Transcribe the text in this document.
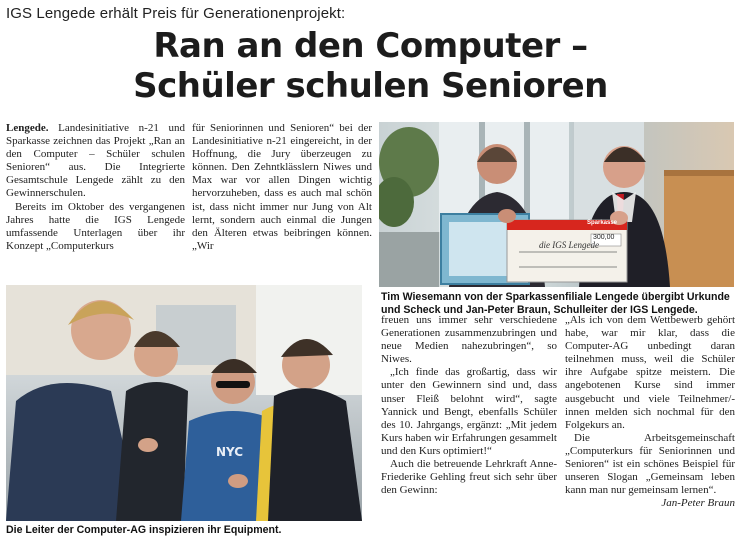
IGS Lengede erhält Preis für Generationenprojekt:
Ran an den Computer –
Schüler schulen Senioren

Lengede. Landesinitiative n-21 und Sparkasse zeichnen das Projekt „Ran an den Computer – Schüler schulen Senioren“ aus. Die Integrierte Gesamtschule Lengede zählt zu den Gewinnerschulen.

Bereits im Oktober des vergangenen Jahres hatte die IGS Lengede umfassende Unterlagen über ihr Konzept „Computerkurs

für Seniorinnen und Senioren“ bei der Landesinitiative n-21 eingereicht, in der Hoffnung, die Jury überzeugen zu können. Den Zehntklässlern Niwes und Max war vor allen Dingen wichtig hervorzuheben, dass es auch mal schön ist, dass nicht immer nur Jung von Alt lernt, sondern auch einmal die Jungen den Älteren etwas beibringen können. „Wir

Sparkasse
die IGS Lengede
300,00
Tim Wiesemann von der Sparkassenfiliale Lengede übergibt Urkunde und Scheck und Jan-Peter Braun, Schulleiter der IGS Lengede.
NYC
Die Leiter der Computer-AG inspizieren ihr Equipment.

freuen uns immer sehr verschiedene Generationen zusammenzubringen und neue Medien nahezubringen“, so Niwes.

„Ich finde das großartig, dass wir unter den Gewinnern sind und, dass unser Fleiß belohnt wird“, sagte Yannick und Bengt, ebenfalls Schüler des 10. Jahrgangs, ergänzt: „Mit jedem Kurs haben wir Erfahrungen gesammelt und den Kurs optimiert!“

Auch die betreuende Lehrkraft Anne-Friederike Gehling freut sich sehr über den Gewinn:

„Als ich von dem Wettbewerb gehört habe, war mir klar, dass die Computer-AG unbedingt daran teilnehmen muss, weil die Schüler ihre Aufgabe spitze meistern. Die angebotenen Kurse sind immer ausgebucht und viele Teilnehmer/-innen melden sich nochmal für den Folgekurs an.

Die Arbeitsgemeinschaft „Computerkurs für Seniorinnen und Senioren“ ist ein schönes Beispiel für unseren Slogan „Gemeinsam leben kann man nur gemeinsam lernen“.
Jan-Peter Braun
